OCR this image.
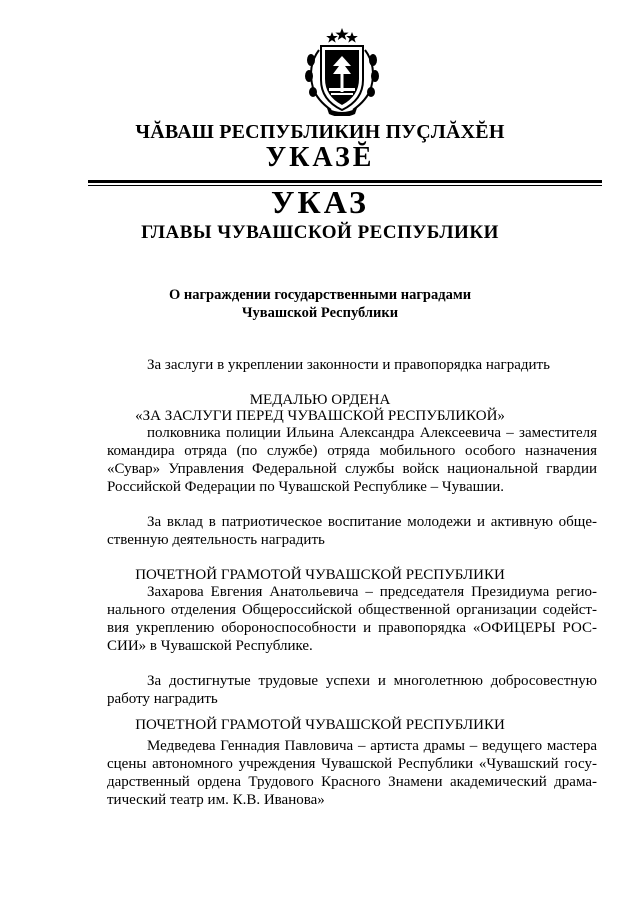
ЧĂВАШ РЕСПУБЛИКИН ПУÇЛĂХĔН
УКАЗĔ
УКАЗ
ГЛАВЫ ЧУВАШСКОЙ РЕСПУБЛИКИ
О награждении государственными наградами
Чувашской Республики
За заслуги в укреплении законности и правопорядка наградить
МЕДАЛЬЮ ОРДЕНА
«ЗА ЗАСЛУГИ ПЕРЕД ЧУВАШСКОЙ РЕСПУБЛИКОЙ»
полковника полиции Ильина Александра Алексеевича – заместителя
командира отряда (по службе) отряда мобильного особого назначения
«Сувар» Управления Федеральной службы войск национальной гвардии
Российской Федерации по Чувашской Республике – Чувашии.
За вклад в патриотическое воспитание молодежи и активную обще-
ственную деятельность наградить
ПОЧЕТНОЙ ГРАМОТОЙ ЧУВАШСКОЙ РЕСПУБЛИКИ
Захарова Евгения Анатольевича – председателя Президиума регио-
нального отделения Общероссийской общественной организации содейст-
вия укреплению обороноспособности и правопорядка «ОФИЦЕРЫ РОС-
СИИ» в Чувашской Республике.
За достигнутые трудовые успехи и многолетнюю добросовестную
работу наградить
ПОЧЕТНОЙ ГРАМОТОЙ ЧУВАШСКОЙ РЕСПУБЛИКИ
Медведева Геннадия Павловича – артиста драмы – ведущего мастера
сцены автономного учреждения Чувашской Республики «Чувашский госу-
дарственный ордена Трудового Красного Знамени академический драма-
тический театр им. К.В. Иванова»
